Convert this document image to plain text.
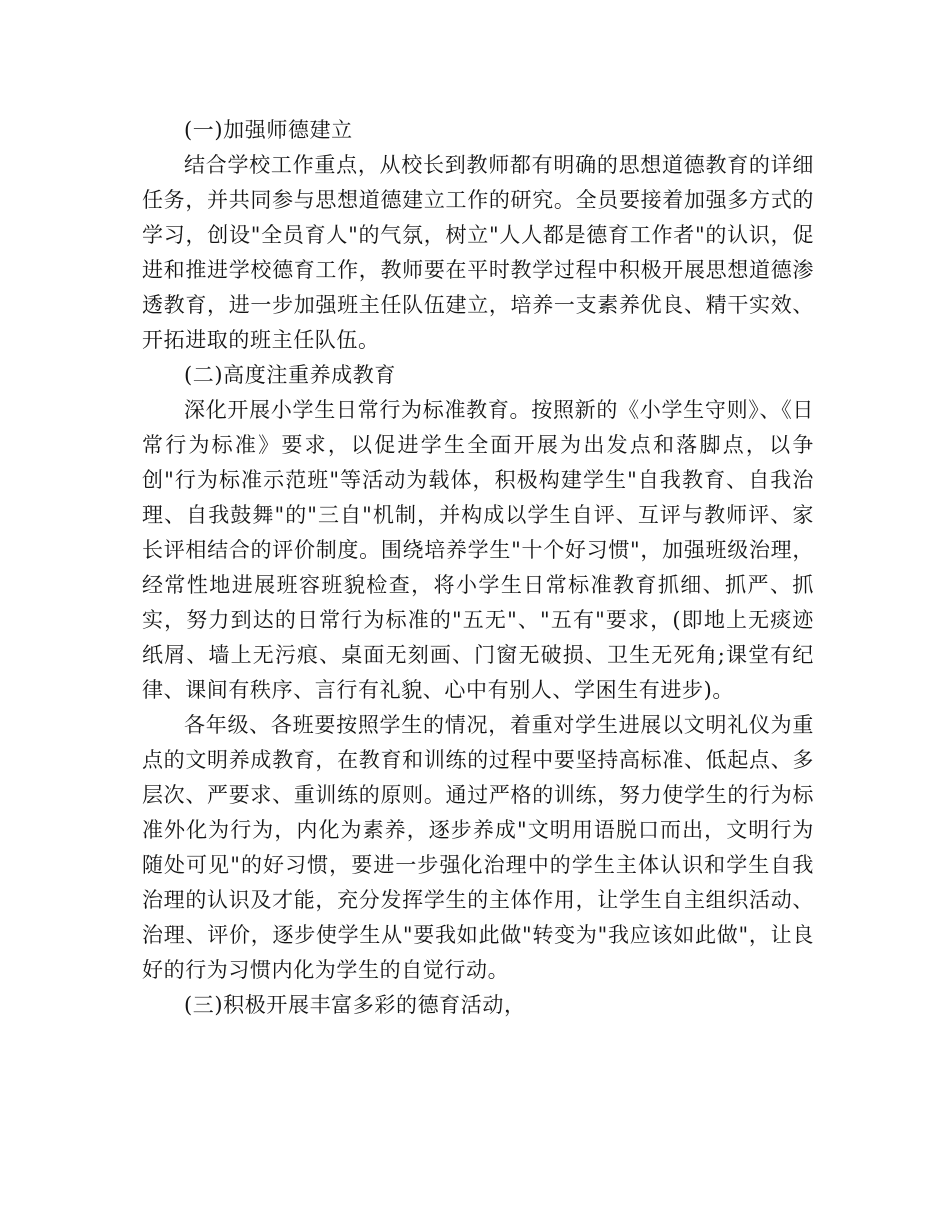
(一)加强师德建立

结合学校工作重点，从校长到教师都有明确的思想道德教育的详细任务，并共同参与思想道德建立工作的研究。全员要接着加强多方式的学习，创设"全员育人"的气氛，树立"人人都是德育工作者"的认识，促进和推进学校德育工作，教师要在平时教学过程中积极开展思想道德渗透教育，进一步加强班主任队伍建立，培养一支素养优良、精干实效、开拓进取的班主任队伍。

(二)高度注重养成教育

深化开展小学生日常行为标准教育。按照新的《小学生守则》、《日常行为标准》要求，以促进学生全面开展为出发点和落脚点，以争创"行为标准示范班"等活动为载体，积极构建学生"自我教育、自我治理、自我鼓舞"的"三自"机制，并构成以学生自评、互评与教师评、家长评相结合的评价制度。围绕培养学生"十个好习惯"，加强班级治理，经常性地进展班容班貌检查，将小学生日常标准教育抓细、抓严、抓实，努力到达的日常行为标准的"五无"、"五有"要求，(即地上无痰迹纸屑、墙上无污痕、桌面无刻画、门窗无破损、卫生无死角;课堂有纪律、课间有秩序、言行有礼貌、心中有别人、学困生有进步)。

各年级、各班要按照学生的情况，着重对学生进展以文明礼仪为重点的文明养成教育，在教育和训练的过程中要坚持高标准、低起点、多层次、严要求、重训练的原则。通过严格的训练，努力使学生的行为标准外化为行为，内化为素养，逐步养成"文明用语脱口而出，文明行为随处可见"的好习惯，要进一步强化治理中的学生主体认识和学生自我治理的认识及才能，充分发挥学生的主体作用，让学生自主组织活动、治理、评价，逐步使学生从"要我如此做"转变为"我应该如此做"，让良好的行为习惯内化为学生的自觉行动。

(三)积极开展丰富多彩的德育活动，
